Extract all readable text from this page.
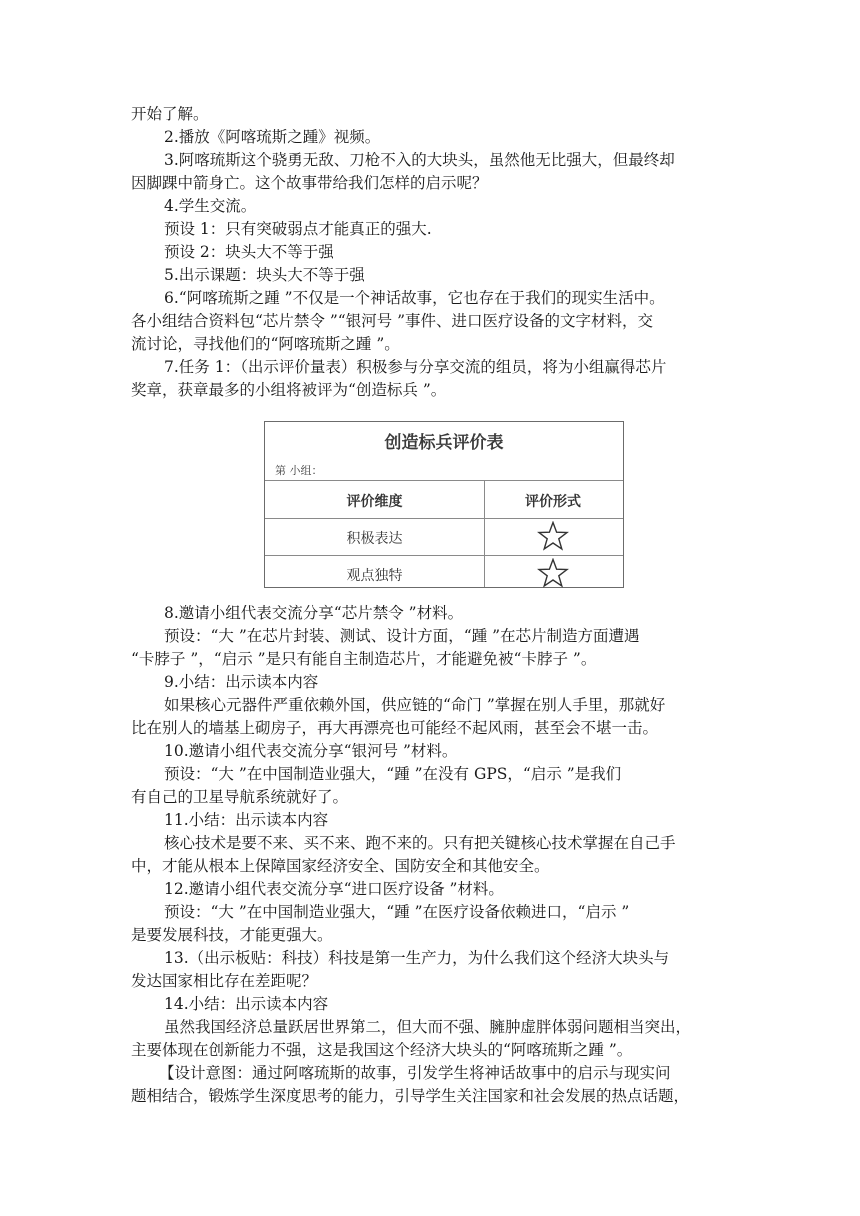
开始了解。
2.播放《阿喀琉斯之踵》视频。
3.阿喀琉斯这个骁勇无敌、刀枪不入的大块头，虽然他无比强大，但最终却
因脚踝中箭身亡。这个故事带给我们怎样的启示呢？
4.学生交流。
预设 1：只有突破弱点才能真正的强大.
预设 2：块头大不等于强
5.出示课题：块头大不等于强
6.“阿喀琉斯之踵 ”不仅是一个神话故事，它也存在于我们的现实生活中。
各小组结合资料包“芯片禁令 ”“银河号 ”事件、进口医疗设备的文字材料，交
流讨论，寻找他们的“阿喀琉斯之踵 ”。
7.任务 1：（出示评价量表）积极参与分享交流的组员，将为小组赢得芯片
奖章，获章最多的小组将被评为“创造标兵 ”。
8.邀请小组代表交流分享“芯片禁令 ”材料。
预设：“大 ”在芯片封装、测试、设计方面，“踵 ”在芯片制造方面遭遇
“卡脖子 ”，“启示 ”是只有能自主制造芯片，才能避免被“卡脖子 ”。
9.小结：出示读本内容
如果核心元器件严重依赖外国，供应链的“命门 ”掌握在别人手里，那就好
比在别人的墙基上砌房子，再大再漂亮也可能经不起风雨，甚至会不堪一击。
10.邀请小组代表交流分享“银河号 ”材料。
预设：“大 ”在中国制造业强大，“踵 ”在没有 GPS，“启示 ”是我们
有自己的卫星导航系统就好了。
11.小结：出示读本内容
核心技术是要不来、买不来、跑不来的。只有把关键核心技术掌握在自己手
中，才能从根本上保障国家经济安全、国防安全和其他安全。
12.邀请小组代表交流分享“进口医疗设备 ”材料。
预设：“大 ”在中国制造业强大，“踵 ”在医疗设备依赖进口，“启示 ”
是要发展科技，才能更强大。
13.（出示板贴：科技）科技是第一生产力，为什么我们这个经济大块头与
发达国家相比存在差距呢？
14.小结：出示读本内容
虽然我国经济总量跃居世界第二，但大而不强、臃肿虚胖体弱问题相当突出，
主要体现在创新能力不强，这是我国这个经济大块头的“阿喀琉斯之踵 ”。
【设计意图：通过阿喀琉斯的故事，引发学生将神话故事中的启示与现实问
题相结合，锻炼学生深度思考的能力，引导学生关注国家和社会发展的热点话题，
创造标兵评价表
第 小组：
评价维度	评价形式
积极表达
观点独特
